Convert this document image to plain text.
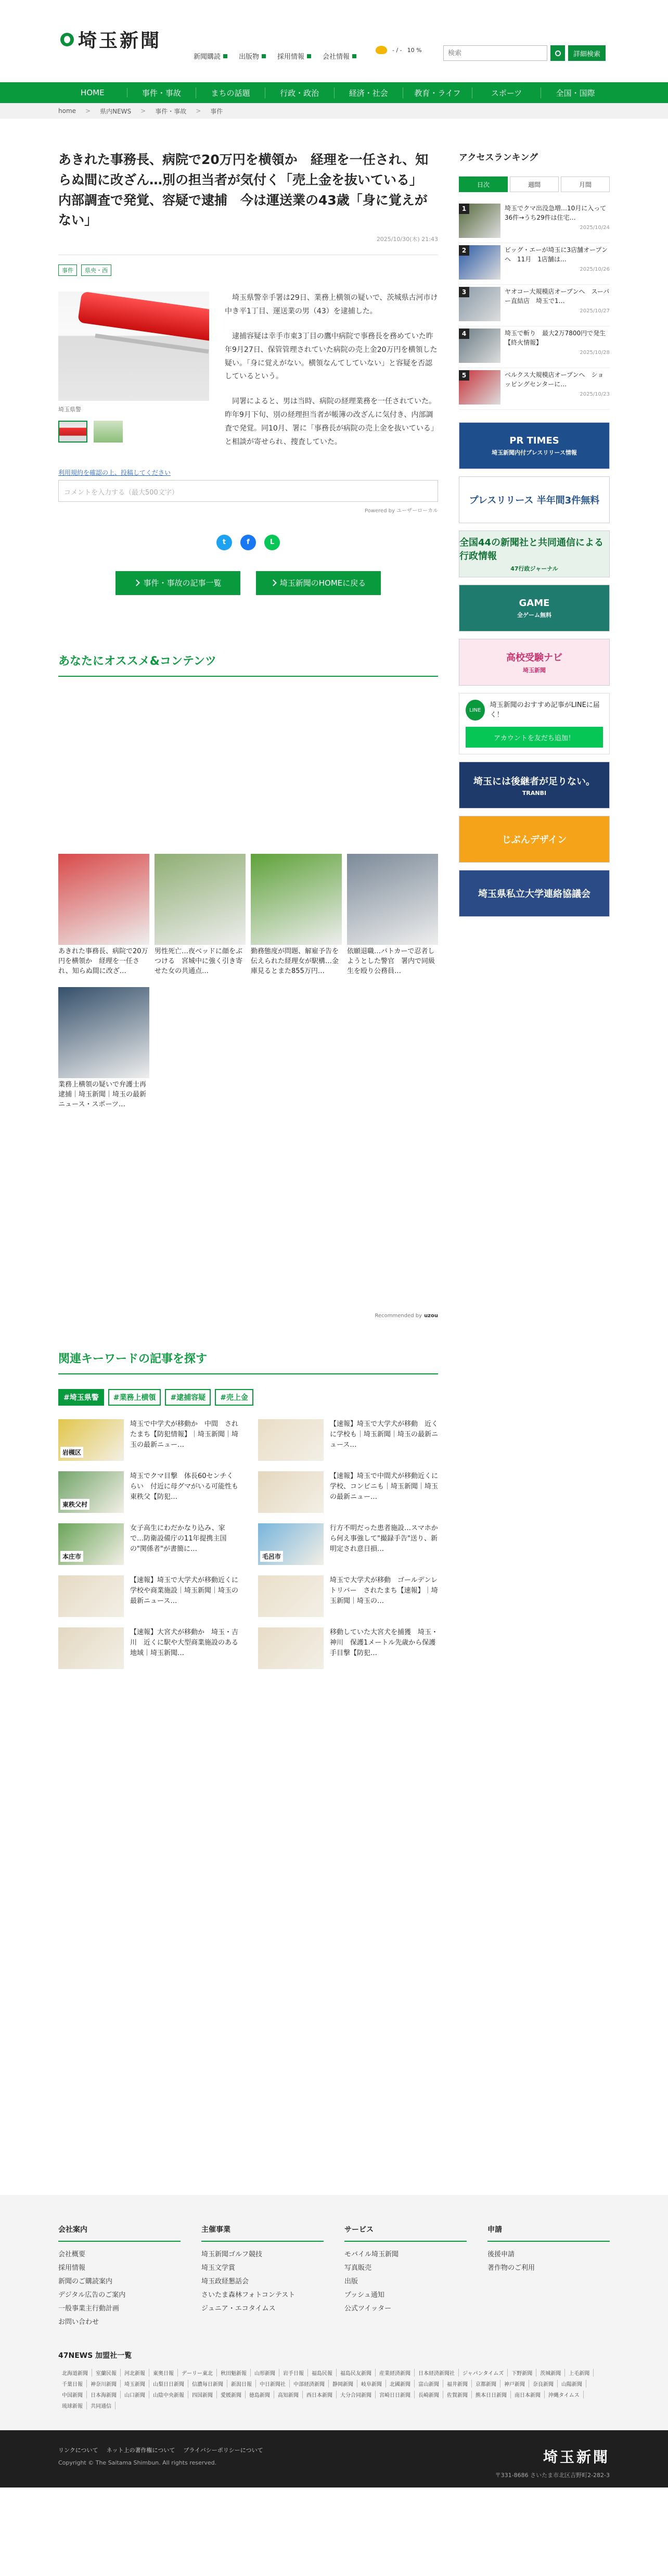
埼玉新聞
新聞購読	出版物	採用情報	会社情報
- / - 10 %
検索
詳細検索
HOME	事件・事故	まちの話題	行政・政治	経済・社会	教育・ライフ	スポーツ	全国・国際
home > 県内NEWS > 事件・事故 > 事件
あきれた事務長、病院で20万円を横領か　経理を一任され、知らぬ間に改ざん…別の担当者が気付く「売上金を抜いている」　内部調査で発覚、容疑で逮捕　今は運送業の43歳「身に覚えがない」
2025/10/30(木) 21:43
事件	県央・西
埼玉県警

埼玉県警幸手署は29日、業務上横領の疑いで、茨城県古河市け中き平1丁目、運送業の男（43）を逮捕した。

逮捕容疑は幸手市東3丁目の鷹中病院で事務長を務めていた昨年9月27日、保管管理されていた病院の売上金20万円を横領した疑い。「身に覚えがない。横領なんてしていない」と容疑を否認しているという。

同署によると、男は当時、病院の経理業務を一任されていた。昨年9月下旬、別の経理担当者が帳簿の改ざんに気付き、内部調査で発覚。同10月、署に「事務長が病院の売上金を抜いている」と相談が寄せられ、捜査していた。

利用規約を確認の上、投稿してください
コメントを入力する（最大500文字）
Powered by ユーザーローカル
t	f	L
事件・事故の記事一覧	埼玉新聞のHOMEに戻る
あなたにオススメ&コンテンツ
あきれた事務長、病院で20万円を横領か　経理を一任され、知らぬ間に改ざ…
男性死亡…夜ベッドに顔をぶつける　宮城中に強く引き寄せた女の共通点…
勤務態度が問題、解雇予告を伝えられた経理女が駅構…金庫見るとまた855万円…
依願退職…パトカーで忍者しようとした警官　署内で同級生を殴り公務員…
業務上横領の疑いで弁護士再逮捕｜埼玉新聞｜埼玉の最新ニュース・スポーツ…
Recommended by uzou
関連キーワードの記事を探す
#埼玉県警	#業務上横領	#逮捕容疑	#売上金
岩槻区
埼玉で中学犬が移動か　中間　されたまち【防犯情報】｜埼玉新聞｜埼玉の最新ニュー…
【速報】埼玉で大学犬が移動　近くに学校も｜埼玉新聞｜埼玉の最新ニュース…
東秩父村
埼玉でクマ目撃　体長60センチくらい　付近に母グマがいる可能性も　東秩父【防犯…
【速報】埼玉で中間犬が移動近くに学校、コンビニも｜埼玉新聞｜埼玉の最新ニュー…
本庄市
女子高生にわだかなり込み、家で…防衛設備庁の11年提携主国の"関係者"が書簡に…
毛呂市
行方不明だった患者施設…スマホから何え事強して"撮録手告"送り、新明定され意日損…
【速報】埼玉で大学犬が移動近くに学校や商業施設｜埼玉新聞｜埼玉の最新ニュース…
埼玉で大学犬が移動　ゴールデンレトリバー　されたまち【速報】｜埼玉新聞｜埼玉の…
【速報】大宮犬が移動か　埼玉・吉川　近くに駅や大型商業施設のある地域｜埼玉新聞…
移動していた大宮犬を捕獲　埼玉・神川　保護1メートル先歳から保護手目撃【防犯…
アクセスランキング
日次	週間	月間
1	埼玉でクマ出没急増…10月に入って36件→うち29件は住宅…
2025/10/24
2	ビッグ・エーが埼玉に3店舗オープンへ　11月　1店舗は…
2025/10/26
3	ヤオコー大規模店オープンへ　スーパー直結店　埼玉で1…
2025/10/27
4	埼玉で斬り　最大2万7800円で発生【終火情報】
2025/10/28
5	ベルクス大規模店オープンへ　ショッピングセンターに…
2025/10/23
PR TIMES
埼玉新聞内付プレスリリース情報
プレスリリース 半年間3件無料
全国44の新聞社と共同通信による行政情報
47行政ジャーナル
GAME
全ゲーム無料
高校受験ナビ
埼玉新聞
LINE
埼玉新聞のおすすめ記事がLINEに届く！
アカウントを友だち追加！
埼玉には後継者が足りない。
TRANBI
じぶんデザイン
埼玉県私立大学連絡協議会
会社案内
会社概要
採用情報
新聞のご購読案内
デジタル広告のご案内
一般事業主行動計画
お問い合わせ
主催事業
埼玉新聞ゴルフ競技
埼玉文学賞
埼玉政経懇話会
さいたま森林フォトコンテスト
ジュニア・エコタイムス
サービス
モバイル埼玉新聞
写真販売
出版
プッシュ通知
公式ツイッター
申請
後援申請
著作物のご利用
47NEWS 加盟社一覧
北海道新聞	室蘭民報	河北新報	東奥日報	デーリー東北	秋田魁新報	山形新聞	岩手日報	福島民報	福島民友新聞	産業経済新聞	日本経済新聞社	ジャパンタイムズ	下野新聞	茨城新聞	上毛新聞
千葉日報	神奈川新聞	埼玉新聞	山梨日日新聞	信濃毎日新聞	新潟日報	中日新聞社	中部経済新聞	静岡新聞	岐阜新聞	北國新聞	富山新聞	福井新聞	京都新聞	神戸新聞	奈良新聞	山陽新聞
中国新聞	日本海新聞	山口新聞	山陰中央新報	四国新聞	愛媛新聞	徳島新聞	高知新聞	西日本新聞	大分合同新聞	宮崎日日新聞	長崎新聞	佐賀新聞	熊本日日新聞	南日本新聞	沖縄タイムス
琉球新報	共同通信
リンクについて ネット上の著作権について プライバシーポリシーについて
Copyright © The Saitama Shimbun. All rights reserved.	埼玉新聞
〒331-8686 さいたま市北区吉野町2-282-3
